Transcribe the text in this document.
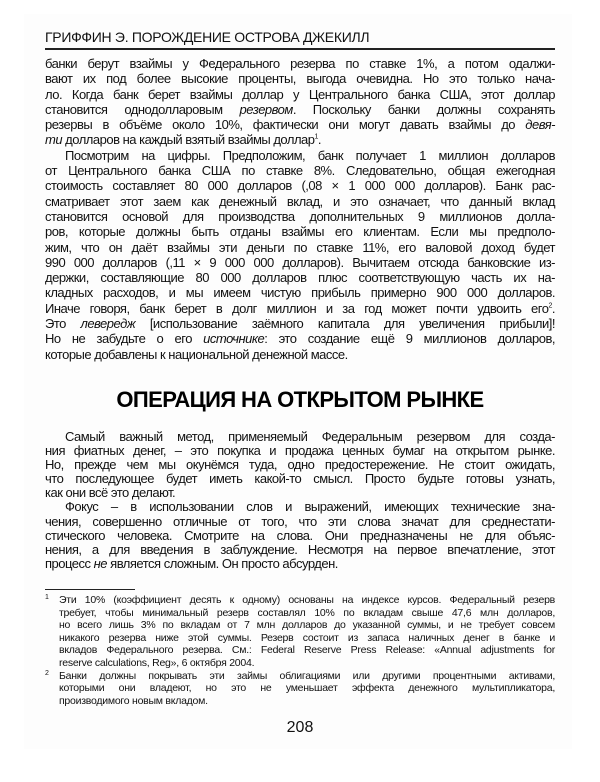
ГРИФФИН Э. ПОРОЖДЕНИЕ ОСТРОВА ДЖЕКИЛЛ
банки берут взаймы у Федерального резерва по ставке 1%, а потом одалжи-
вают их под более высокие проценты, выгода очевидна. Но это только нача-
ло. Когда банк берет взаймы доллар у Центрального банка США, этот доллар
становится однодолларовым резервом. Поскольку банки должны сохранять
резервы в объёме около 10%, фактически они могут давать взаймы до девя-
ти долларов на каждый взятый взаймы доллар$^1$.
Посмотрим на цифры. Предположим, банк получает 1 миллион долларов
от Центрального банка США по ставке 8%. Следовательно, общая ежегодная
стоимость составляет 80 000 долларов (,08 × 1 000 000 долларов). Банк рас-
сматривает этот заем как денежный вклад, и это означает, что данный вклад
становится основой для производства дополнительных 9 миллионов долла-
ров, которые должны быть отданы взаймы его клиентам. Если мы предполо-
жим, что он даёт взаймы эти деньги по ставке 11%, его валовой доход будет
990 000 долларов (,11 × 9 000 000 долларов). Вычитаем отсюда банковские из-
держки, составляющие 80 000 долларов плюс соответствующую часть их на-
кладных расходов, и мы имеем чистую прибыль примерно 900 000 долларов.
Иначе говоря, банк берет в долг миллион и за год может почти удвоить его$^2$.
Это левередж [использование заёмного капитала для увеличения прибыли]!
Но не забудьте о его источнике: это создание ещё 9 миллионов долларов,
которые добавлены к национальной денежной массе.
ОПЕРАЦИЯ НА ОТКРЫТОМ РЫНКЕ
Самый важный метод, применяемый Федеральным резервом для созда-
ния фиатных денег, – это покупка и продажа ценных бумаг на открытом рынке.
Но, прежде чем мы окунёмся туда, одно предостережение. Не стоит ожидать,
что последующее будет иметь какой-то смысл. Просто будьте готовы узнать,
как они всё это делают.
Фокус – в использовании слов и выражений, имеющих технические зна-
чения, совершенно отличные от того, что эти слова значат для среднестати-
стического человека. Смотрите на слова. Они предназначены не для объяс-
нения, а для введения в заблуждение. Несмотря на первое впечатление, этот
процесс не является сложным. Он просто абсурден.
1 Эти 10% (коэффициент десять к одному) основаны на индексе курсов. Федеральный резерв
требует, чтобы минимальный резерв составлял 10% по вкладам свыше 47,6 млн долларов,
но всего лишь 3% по вкладам от 7 млн долларов до указанной суммы, и не требует совсем
никакого резерва ниже этой суммы. Резерв состоит из запаса наличных денег в банке и
вкладов Федерального резерва. См.: Federal Reserve Press Release: «Annual adjustments for
reserve calculations, Reg», 6 октября 2004.
2 Банки должны покрывать эти займы облигациями или другими процентными активами,
которыми они владеют, но это не уменьшает эффекта денежного мультипликатора,
производимого новым вкладом.
208
